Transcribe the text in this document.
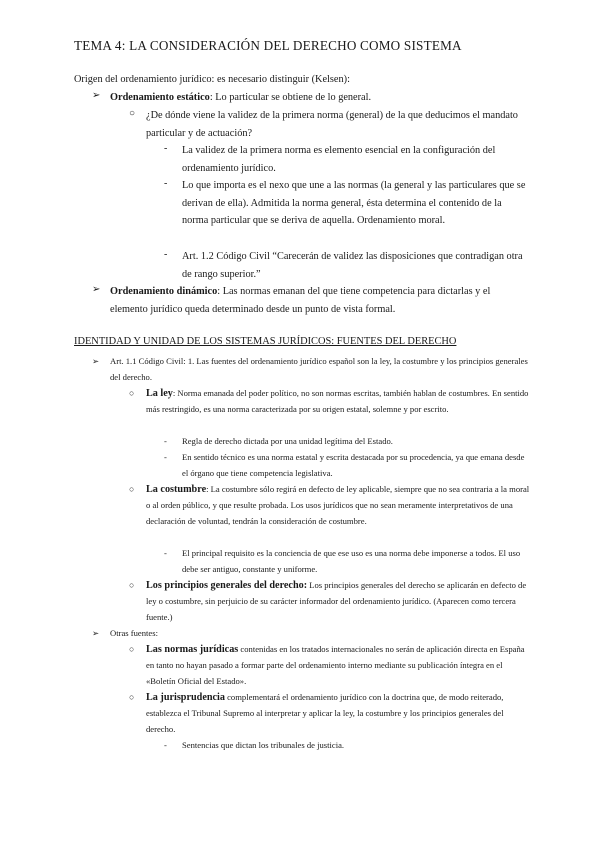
TEMA 4: LA CONSIDERACIÓN DEL DERECHO COMO SISTEMA
Origen del ordenamiento jurídico: es necesario distinguir (Kelsen):
➢ Ordenamiento estático: Lo particular se obtiene de lo general.
○ ¿De dónde viene la validez de la primera norma (general) de la que deducimos el mandato particular y de actuación?
- La validez de la primera norma es elemento esencial en la configuración del ordenamiento jurídico.
- Lo que importa es el nexo que une a las normas (la general y las particulares que se derivan de ella). Admitida la norma general, ésta determina el contenido de la norma particular que se deriva de aquella. Ordenamiento moral.
- Art. 1.2 Código Civil “Carecerán de validez las disposiciones que contradigan otra de rango superior.”
➢ Ordenamiento dinámico: Las normas emanan del que tiene competencia para dictarlas y el elemento jurídico queda determinado desde un punto de vista formal.
IDENTIDAD Y UNIDAD DE LOS SISTEMAS JURÍDICOS: FUENTES DEL DERECHO
➢ Art. 1.1 Código Civil: 1. Las fuentes del ordenamiento jurídico español son la ley, la costumbre y los principios generales del derecho.
○ La ley: Norma emanada del poder político, no son normas escritas, también hablan de costumbres. En sentido más restringido, es una norma caracterizada por su origen estatal, solemne y por escrito.
- Regla de derecho dictada por una unidad legítima del Estado.
- En sentido técnico es una norma estatal y escrita destacada por su procedencia, ya que emana desde el órgano que tiene competencia legislativa.
○ La costumbre: La costumbre sólo regirá en defecto de ley aplicable, siempre que no sea contraria a la moral o al orden público, y que resulte probada. Los usos jurídicos que no sean meramente interpretativos de una declaración de voluntad, tendrán la consideración de costumbre.
- El principal requisito es la conciencia de que ese uso es una norma debe imponerse a todos. El uso debe ser antiguo, constante y uniforme.
○ Los principios generales del derecho: Los principios generales del derecho se aplicarán en defecto de ley o costumbre, sin perjuicio de su carácter informador del ordenamiento jurídico. (Aparecen como tercera fuente.)
➢ Otras fuentes:
○ Las normas jurídicas contenidas en los tratados internacionales no serán de aplicación directa en España en tanto no hayan pasado a formar parte del ordenamiento interno mediante su publicación íntegra en el «Boletín Oficial del Estado».
○ La jurisprudencia complementará el ordenamiento jurídico con la doctrina que, de modo reiterado, establezca el Tribunal Supremo al interpretar y aplicar la ley, la costumbre y los principios generales del derecho.
- Sentencias que dictan los tribunales de justicia.
